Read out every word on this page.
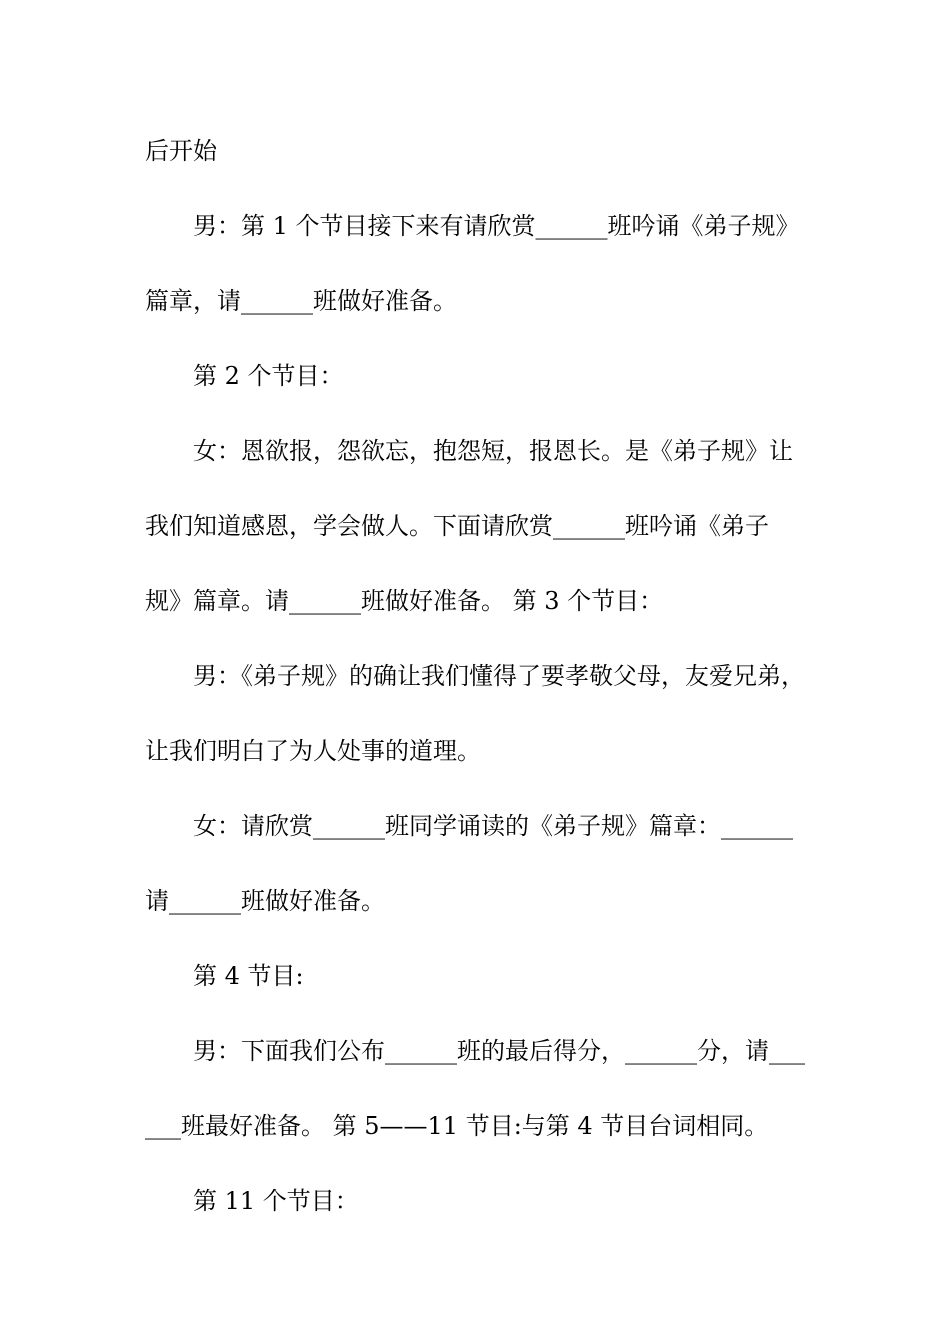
后开始
男：第 1 个节目接下来有请欣赏______班吟诵《弟子规》
篇章，请______班做好准备。
第 2 个节目：
女：恩欲报，怨欲忘，抱怨短，报恩长。是《弟子规》让
我们知道感恩，学会做人。下面请欣赏______班吟诵《弟子
规》篇章。请______班做好准备。 第 3 个节目：
男：《弟子规》的确让我们懂得了要孝敬父母，友爱兄弟，
让我们明白了为人处事的道理。
女：请欣赏______班同学诵读的《弟子规》篇章：______
请______班做好准备。
第 4 节目:
男：下面我们公布______班的最后得分，______分，请___
___班最好准备。 第 5——11 节目:与第 4 节目台词相同。
第 11 个节目：
